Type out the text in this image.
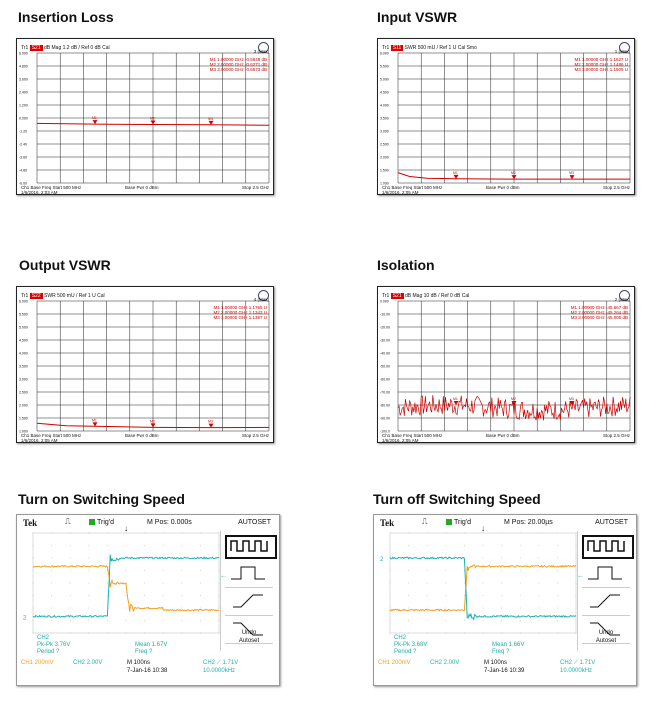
Insertion Loss
Tr1 S21 dB Mag 1.2 dB / Ref 0 dB Cal
3 (Max)
6.000
4.800
3.600
2.400
1.200
0.000
-1.20
-2.40
-3.60
-4.80
-6.00
M1	M2	M3
M1 1.00000 GHz -0.5649 dB
M2 2.00000 GHz -0.6271 dB
M3 3.00000 GHz -0.6673 dB
Ch1 Base Freq Start 500 MHz	Base Pwr 0 dBm	Stop 2.5 GHz
1/6/2016, 2:03 AM
Input VSWR
Tr1 S11 SWR 500 mU / Ref 1 U Cal Smo
1 (Max)
6.000
5.500
5.000
4.500
4.000
3.500
3.000
2.500
2.000
1.500
1.000
M1	M2	M3
M1 1.00000 GHz 1.1627 U
M2 2.00000 GHz 1.1486 U
M3 3.00000 GHz 1.1505 U
Ch1 Base Freq Start 500 MHz	Base Pwr 0 dBm	Stop 2.5 GHz
1/6/2016, 2:05 AM
Output VSWR
Tr1 S22 SWR 500 mU / Ref 1 U Cal
4 (Max)
6.000
5.500
5.000
4.500
4.000
3.500
3.000
2.500
2.000
1.500
1.000
M1	M2	M3
M1 1.00000 GHz 1.1765 U
M2 2.00000 GHz 1.1343 U
M3 3.00000 GHz 1.1387 U
Ch1 Base Freq Start 500 MHz	Base Pwr 0 dBm	Stop 2.5 GHz
1/6/2016, 2:05 AM
Isolation
Tr1 S21 dB Mag 10 dB / Ref 0 dB Cal
2 (Max)
0.000
-10.00
-20.00
-30.00
-40.00
-50.00
-60.00
-70.00
-80.00
-90.00
-100.0
M1	M2	M3
M1 1.00000 GHz -45.667 dB
M2 2.00000 GHz -45.264 dB
M3 3.00000 GHz -45.000 dB
Ch1 Base Freq Start 500 MHz	Base Pwr 0 dBm	Stop 2.5 GHz
1/6/2016, 2:05 AM
Turn on Switching Speed
Tek	⎍	Trig'd	M Pos: 0.000s	AUTOSET
↓
2
←
Undo
Autoset
CH2
Pk-Pk 3.76V
Period ?
Mean 1.67V
Freq ?
CH1 200mV	CH2 2.00V	M 100ns
7-Jan-16 10:38
CH2 ⟋ 1.71V
10.0000kHz
Turn off Switching Speed
Tek	⎍	Trig'd	M Pos: 20.00µs	AUTOSET
↓
2
←
Undo
Autoset
CH2
Pk-Pk 3.68V
Period ?
Mean 1.66V
Freq ?
CH1 200mV	CH2 2.00V	M 100ns
7-Jan-16 10:39
CH2 ⟋ 1.71V
10.0000kHz
